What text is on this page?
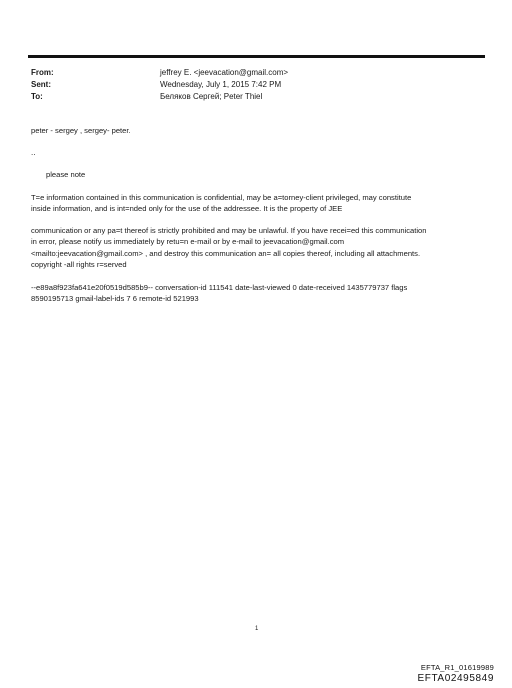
From:	jeffrey E. <jeevacation@gmail.com>
Sent:	Wednesday, July 1, 2015 7:42 PM
To:	Беляков Сергей; Peter Thiel
peter - sergey , sergey- peter.
..
please note

T=e information contained in this communication is confidential, may be a=torney-client privileged, may constitute

inside information, and is int=nded only for the use of the addressee. It is the property of JEE

communication or any pa=t thereof is strictly prohibited and may be unlawful. If you have recei=ed this communication

in error, please notify us immediately by retu=n e-mail or by e-mail to jeevacation@gmail.com

<mailto:jeevacation@gmail.com> , and destroy this communication an= all copies thereof, including all attachments.

copyright -all rights r=served

--e89a8f923fa641e20f0519d585b9-- conversation-id 111541 date-last-viewed 0 date-received 1435779737 flags

8590195713 gmail-label-ids 7 6 remote-id 521993

1
EFTA_R1_01619989
EFTA02495849
